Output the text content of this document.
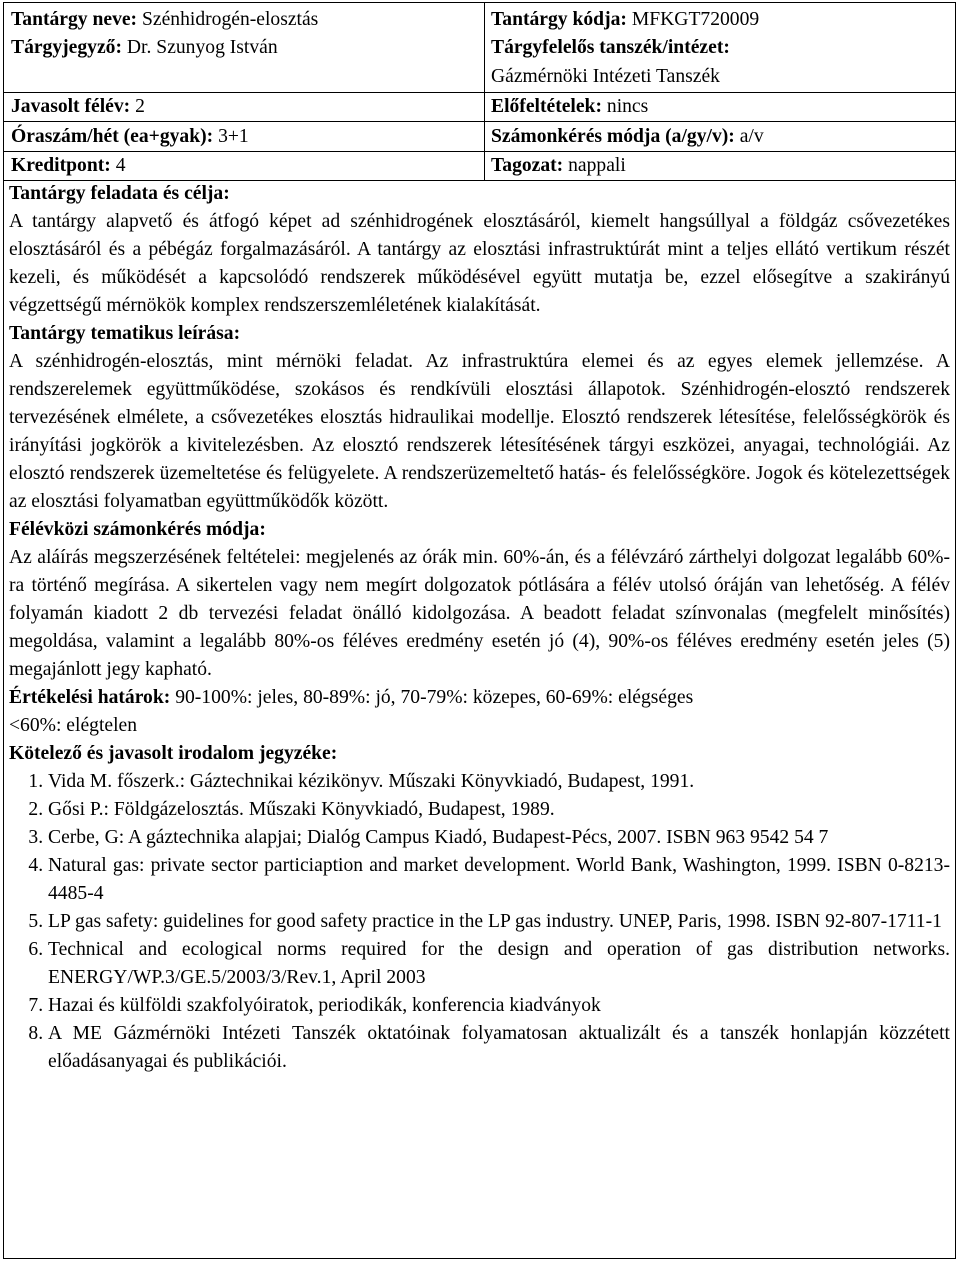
Tantárgy neve: Szénhidrogén-elosztás
Tárgyjegyző: Dr. Szunyog István
Javasolt félév: 2
Óraszám/hét (ea+gyak): 3+1
Kreditpont: 4
Tantárgy kódja: MFKGT720009
Tárgyfelelős tanszék/intézet:
Gázmérnöki Intézeti Tanszék
Előfeltételek: nincs
Számonkérés módja (a/gy/v): a/v
Tagozat: nappali
Tantárgy feladata és célja:
A tantárgy alapvető és átfogó képet ad szénhidrogének elosztásáról, kiemelt hangsúllyal a földgáz csővezetékes elosztásáról és a pébégáz forgalmazásáról. A tantárgy az elosztási infrastruktúrát mint a teljes ellátó vertikum részét kezeli, és működését a kapcsolódó rendszerek működésével együtt mutatja be, ezzel elősegítve a szakirányú végzettségű mérnökök komplex rendszerszemléletének kialakítását.
Tantárgy tematikus leírása:
A szénhidrogén-elosztás, mint mérnöki feladat. Az infrastruktúra elemei és az egyes elemek jellemzése. A rendszerelemek együttműködése, szokásos és rendkívüli elosztási állapotok. Szénhidrogén-elosztó rendszerek tervezésének elmélete, a csővezetékes elosztás hidraulikai modellje. Elosztó rendszerek létesítése, felelősségkörök és irányítási jogkörök a kivitelezésben. Az elosztó rendszerek létesítésének tárgyi eszközei, anyagai, technológiái. Az elosztó rendszerek üzemeltetése és felügyelete. A rendszerüzemeltető hatás- és felelősségköre. Jogok és kötelezettségek az elosztási folyamatban együttműködők között.
Félévközi számonkérés módja:
Az aláírás megszerzésének feltételei: megjelenés az órák min. 60%-án, és a félévzáró zárthelyi dolgozat legalább 60%-ra történő megírása. A sikertelen vagy nem megírt dolgozatok pótlására a félév utolsó óráján van lehetőség. A félév folyamán kiadott 2 db tervezési feladat önálló kidolgozása. A beadott feladat színvonalas (megfelelt minősítés) megoldása, valamint a legalább 80%-os féléves eredmény esetén jó (4), 90%-os féléves eredmény esetén jeles (5) megajánlott jegy kapható.
Értékelési határok: 90-100%: jeles, 80-89%: jó, 70-79%: közepes, 60-69%: elégséges
<60%: elégtelen
Kötelező és javasolt irodalom jegyzéke:
1. Vida M. főszerk.: Gáztechnikai kézikönyv. Műszaki Könyvkiadó, Budapest, 1991.
2. Gősi P.: Földgázelosztás. Műszaki Könyvkiadó, Budapest, 1989.
3. Cerbe, G: A gáztechnika alapjai; Dialóg Campus Kiadó, Budapest-Pécs, 2007. ISBN 963 9542 54 7
4. Natural gas: private sector particiaption and market development. World Bank, Washington, 1999. ISBN 0-8213-4485-4
5. LP gas safety: guidelines for good safety practice in the LP gas industry. UNEP, Paris, 1998. ISBN 92-807-1711-1
6. Technical and ecological norms required for the design and operation of gas distribution networks. ENERGY/WP.3/GE.5/2003/3/Rev.1, April 2003
7. Hazai és külföldi szakfolyóiratok, periodikák, konferencia kiadványok
8. A ME Gázmérnöki Intézeti Tanszék oktatóinak folyamatosan aktualizált és a tanszék honlapján közzétett előadásanyagai és publikációi.
